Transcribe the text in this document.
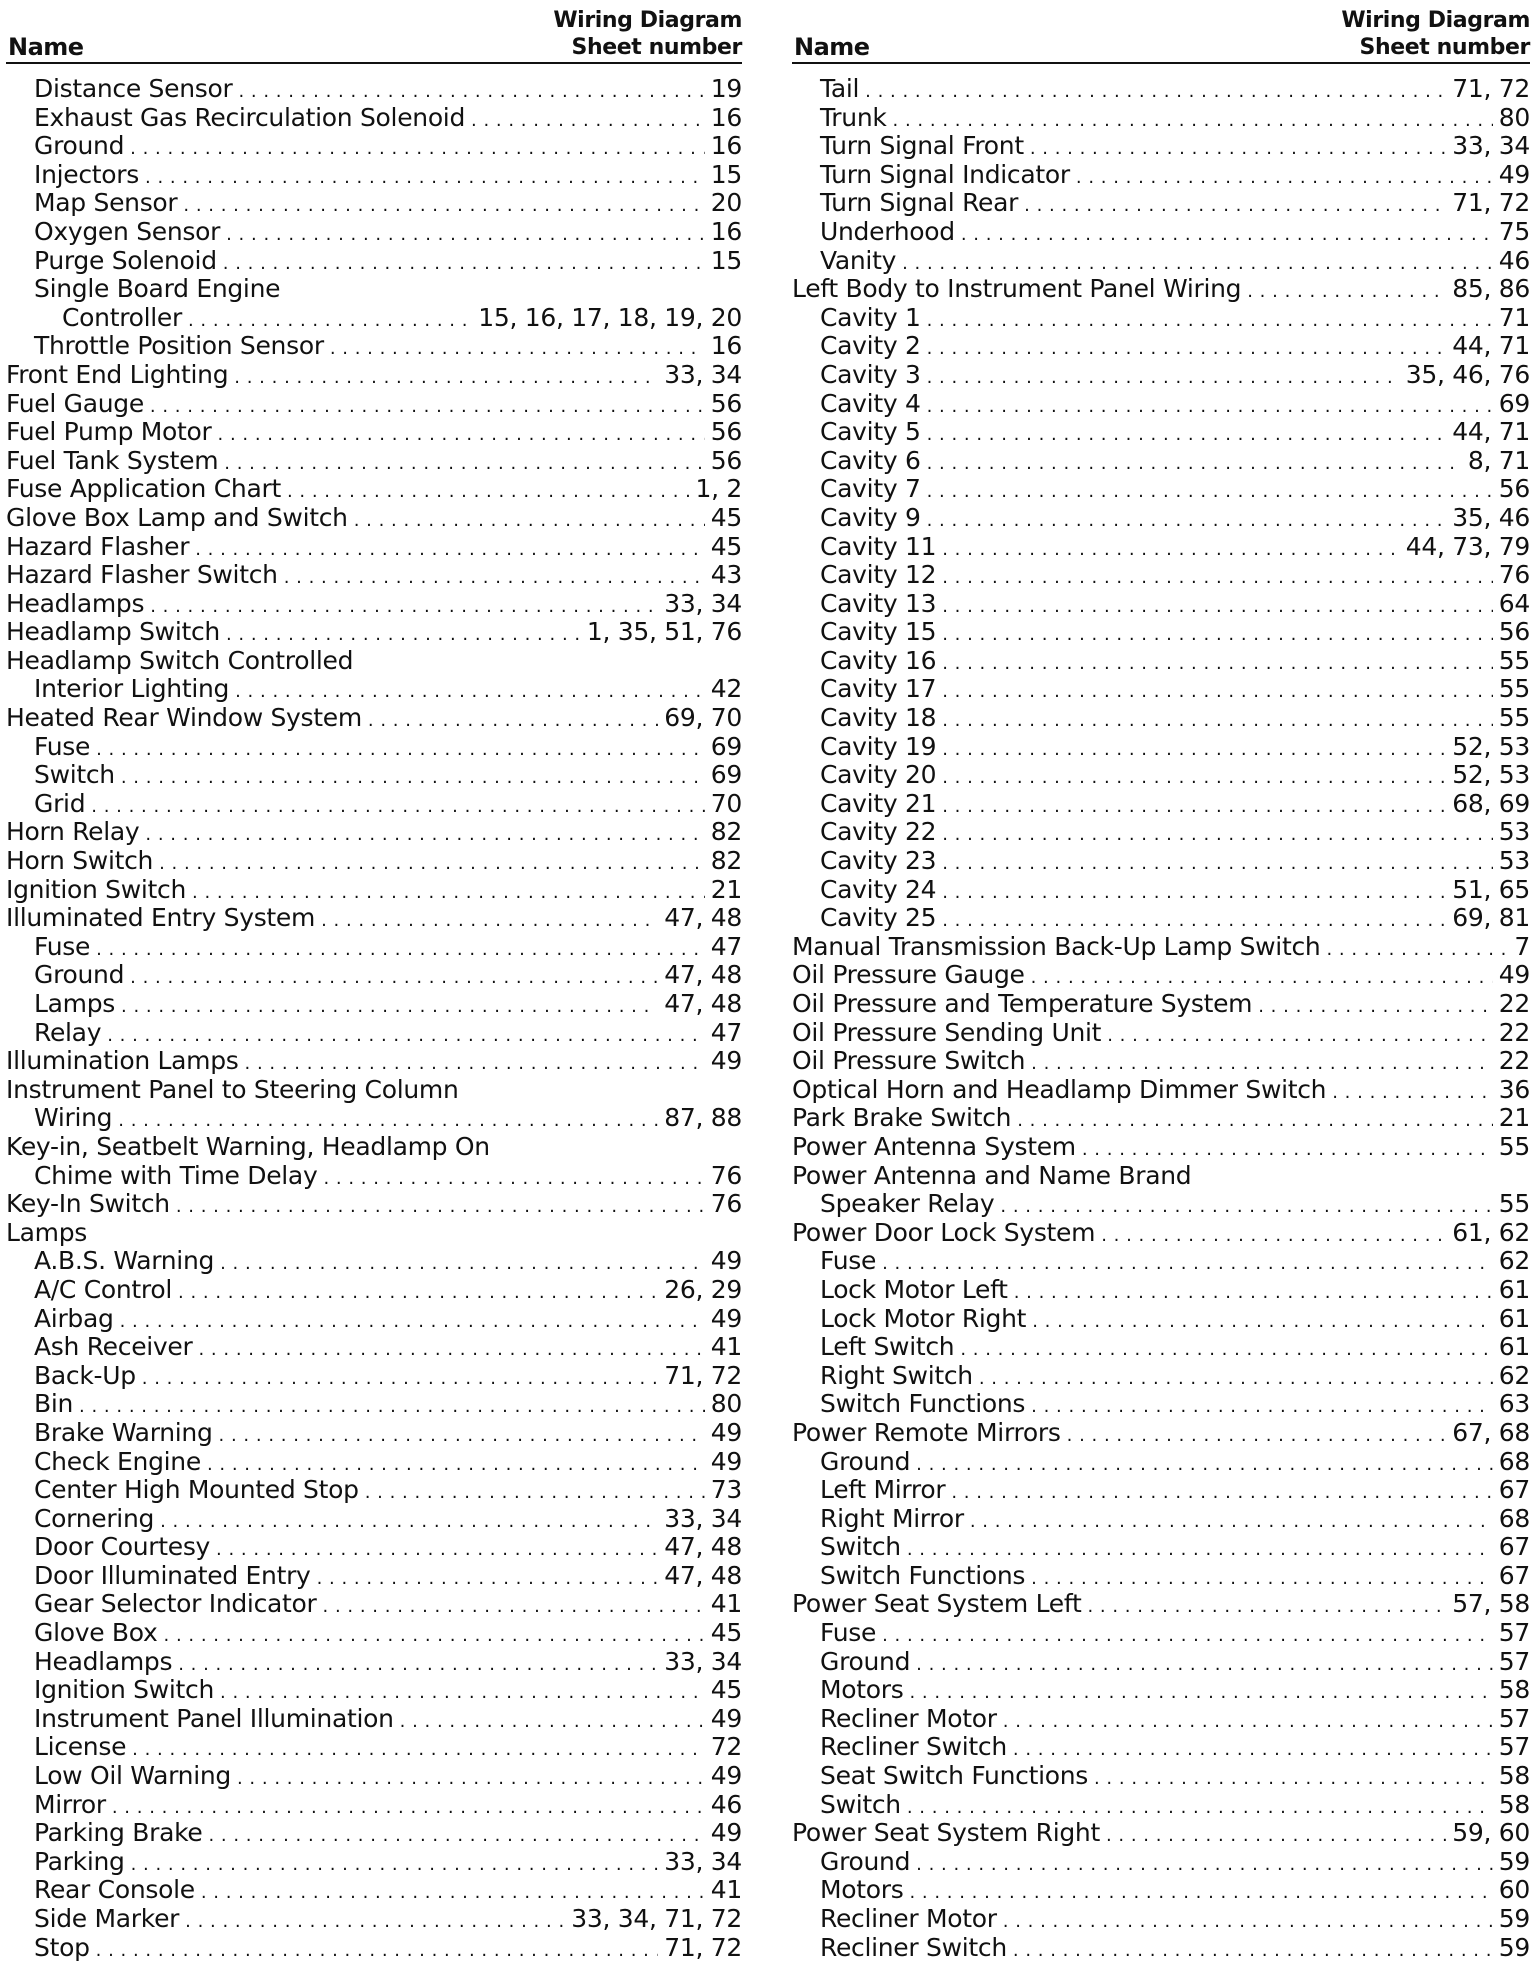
Name
Wiring Diagram
Sheet number
Distance Sensor . . .	19
Exhaust Gas Recirculation Solenoid . . .	16
Ground . . .	16
Injectors . . .	15
Map Sensor . . .	20
Oxygen Sensor . . .	16
Purge Solenoid . . .	15
Single Board Engine
Controller . . .	15, 16, 17, 18, 19, 20
Throttle Position Sensor . . .	16
Front End Lighting . . .	33, 34
Fuel Gauge . . .	56
Fuel Pump Motor . . .	56
Fuel Tank System . . .	56
Fuse Application Chart . . .	1, 2
Glove Box Lamp and Switch . . .	45
Hazard Flasher . . .	45
Hazard Flasher Switch . . .	43
Headlamps . . .	33, 34
Headlamp Switch . . .	1, 35, 51, 76
Headlamp Switch Controlled
Interior Lighting . . .	42
Heated Rear Window System . . .	69, 70
Fuse . . .	69
Switch . . .	69
Grid . . .	70
Horn Relay . . .	82
Horn Switch . . .	82
Ignition Switch . . .	21
Illuminated Entry System . . .	47, 48
Fuse . . .	47
Ground . . .	47, 48
Lamps . . .	47, 48
Relay . . .	47
Illumination Lamps . . .	49
Instrument Panel to Steering Column
Wiring . . .	87, 88
Key-in, Seatbelt Warning, Headlamp On
Chime with Time Delay . . .	76
Key-In Switch . . .	76
Lamps
A.B.S. Warning . . .	49
A/C Control . . .	26, 29
Airbag . . .	49
Ash Receiver . . .	41
Back-Up . . .	71, 72
Bin . . .	80
Brake Warning . . .	49
Check Engine . . .	49
Center High Mounted Stop . . .	73
Cornering . . .	33, 34
Door Courtesy . . .	47, 48
Door Illuminated Entry . . .	47, 48
Gear Selector Indicator . . .	41
Glove Box . . .	45
Headlamps . . .	33, 34
Ignition Switch . . .	45
Instrument Panel Illumination . . .	49
License . . .	72
Low Oil Warning . . .	49
Mirror . . .	46
Parking Brake . . .	49
Parking . . .	33, 34
Rear Console . . .	41
Side Marker . . .	33, 34, 71, 72
Stop . . .	71, 72
Name
Wiring Diagram
Sheet number
Tail . . .	71, 72
Trunk . . .	80
Turn Signal Front . . .	33, 34
Turn Signal Indicator . . .	49
Turn Signal Rear . . .	71, 72
Underhood . . .	75
Vanity . . .	46
Left Body to Instrument Panel Wiring . . .	85, 86
Cavity 1 . . .	71
Cavity 2 . . .	44, 71
Cavity 3 . . .	35, 46, 76
Cavity 4 . . .	69
Cavity 5 . . .	44, 71
Cavity 6 . . .	8, 71
Cavity 7 . . .	56
Cavity 9 . . .	35, 46
Cavity 11 . . .	44, 73, 79
Cavity 12 . . .	76
Cavity 13 . . .	64
Cavity 15 . . .	56
Cavity 16 . . .	55
Cavity 17 . . .	55
Cavity 18 . . .	55
Cavity 19 . . .	52, 53
Cavity 20 . . .	52, 53
Cavity 21 . . .	68, 69
Cavity 22 . . .	53
Cavity 23 . . .	53
Cavity 24 . . .	51, 65
Cavity 25 . . .	69, 81
Manual Transmission Back-Up Lamp Switch . . .	7
Oil Pressure Gauge . . .	49
Oil Pressure and Temperature System . . .	22
Oil Pressure Sending Unit . . .	22
Oil Pressure Switch . . .	22
Optical Horn and Headlamp Dimmer Switch . . .	36
Park Brake Switch . . .	21
Power Antenna System . . .	55
Power Antenna and Name Brand
Speaker Relay . . .	55
Power Door Lock System . . .	61, 62
Fuse . . .	62
Lock Motor Left . . .	61
Lock Motor Right . . .	61
Left Switch . . .	61
Right Switch . . .	62
Switch Functions . . .	63
Power Remote Mirrors . . .	67, 68
Ground . . .	68
Left Mirror . . .	67
Right Mirror . . .	68
Switch . . .	67
Switch Functions . . .	67
Power Seat System Left . . .	57, 58
Fuse . . .	57
Ground . . .	57
Motors . . .	58
Recliner Motor . . .	57
Recliner Switch . . .	57
Seat Switch Functions . . .	58
Switch . . .	58
Power Seat System Right . . .	59, 60
Ground . . .	59
Motors . . .	60
Recliner Motor . . .	59
Recliner Switch . . .	59
